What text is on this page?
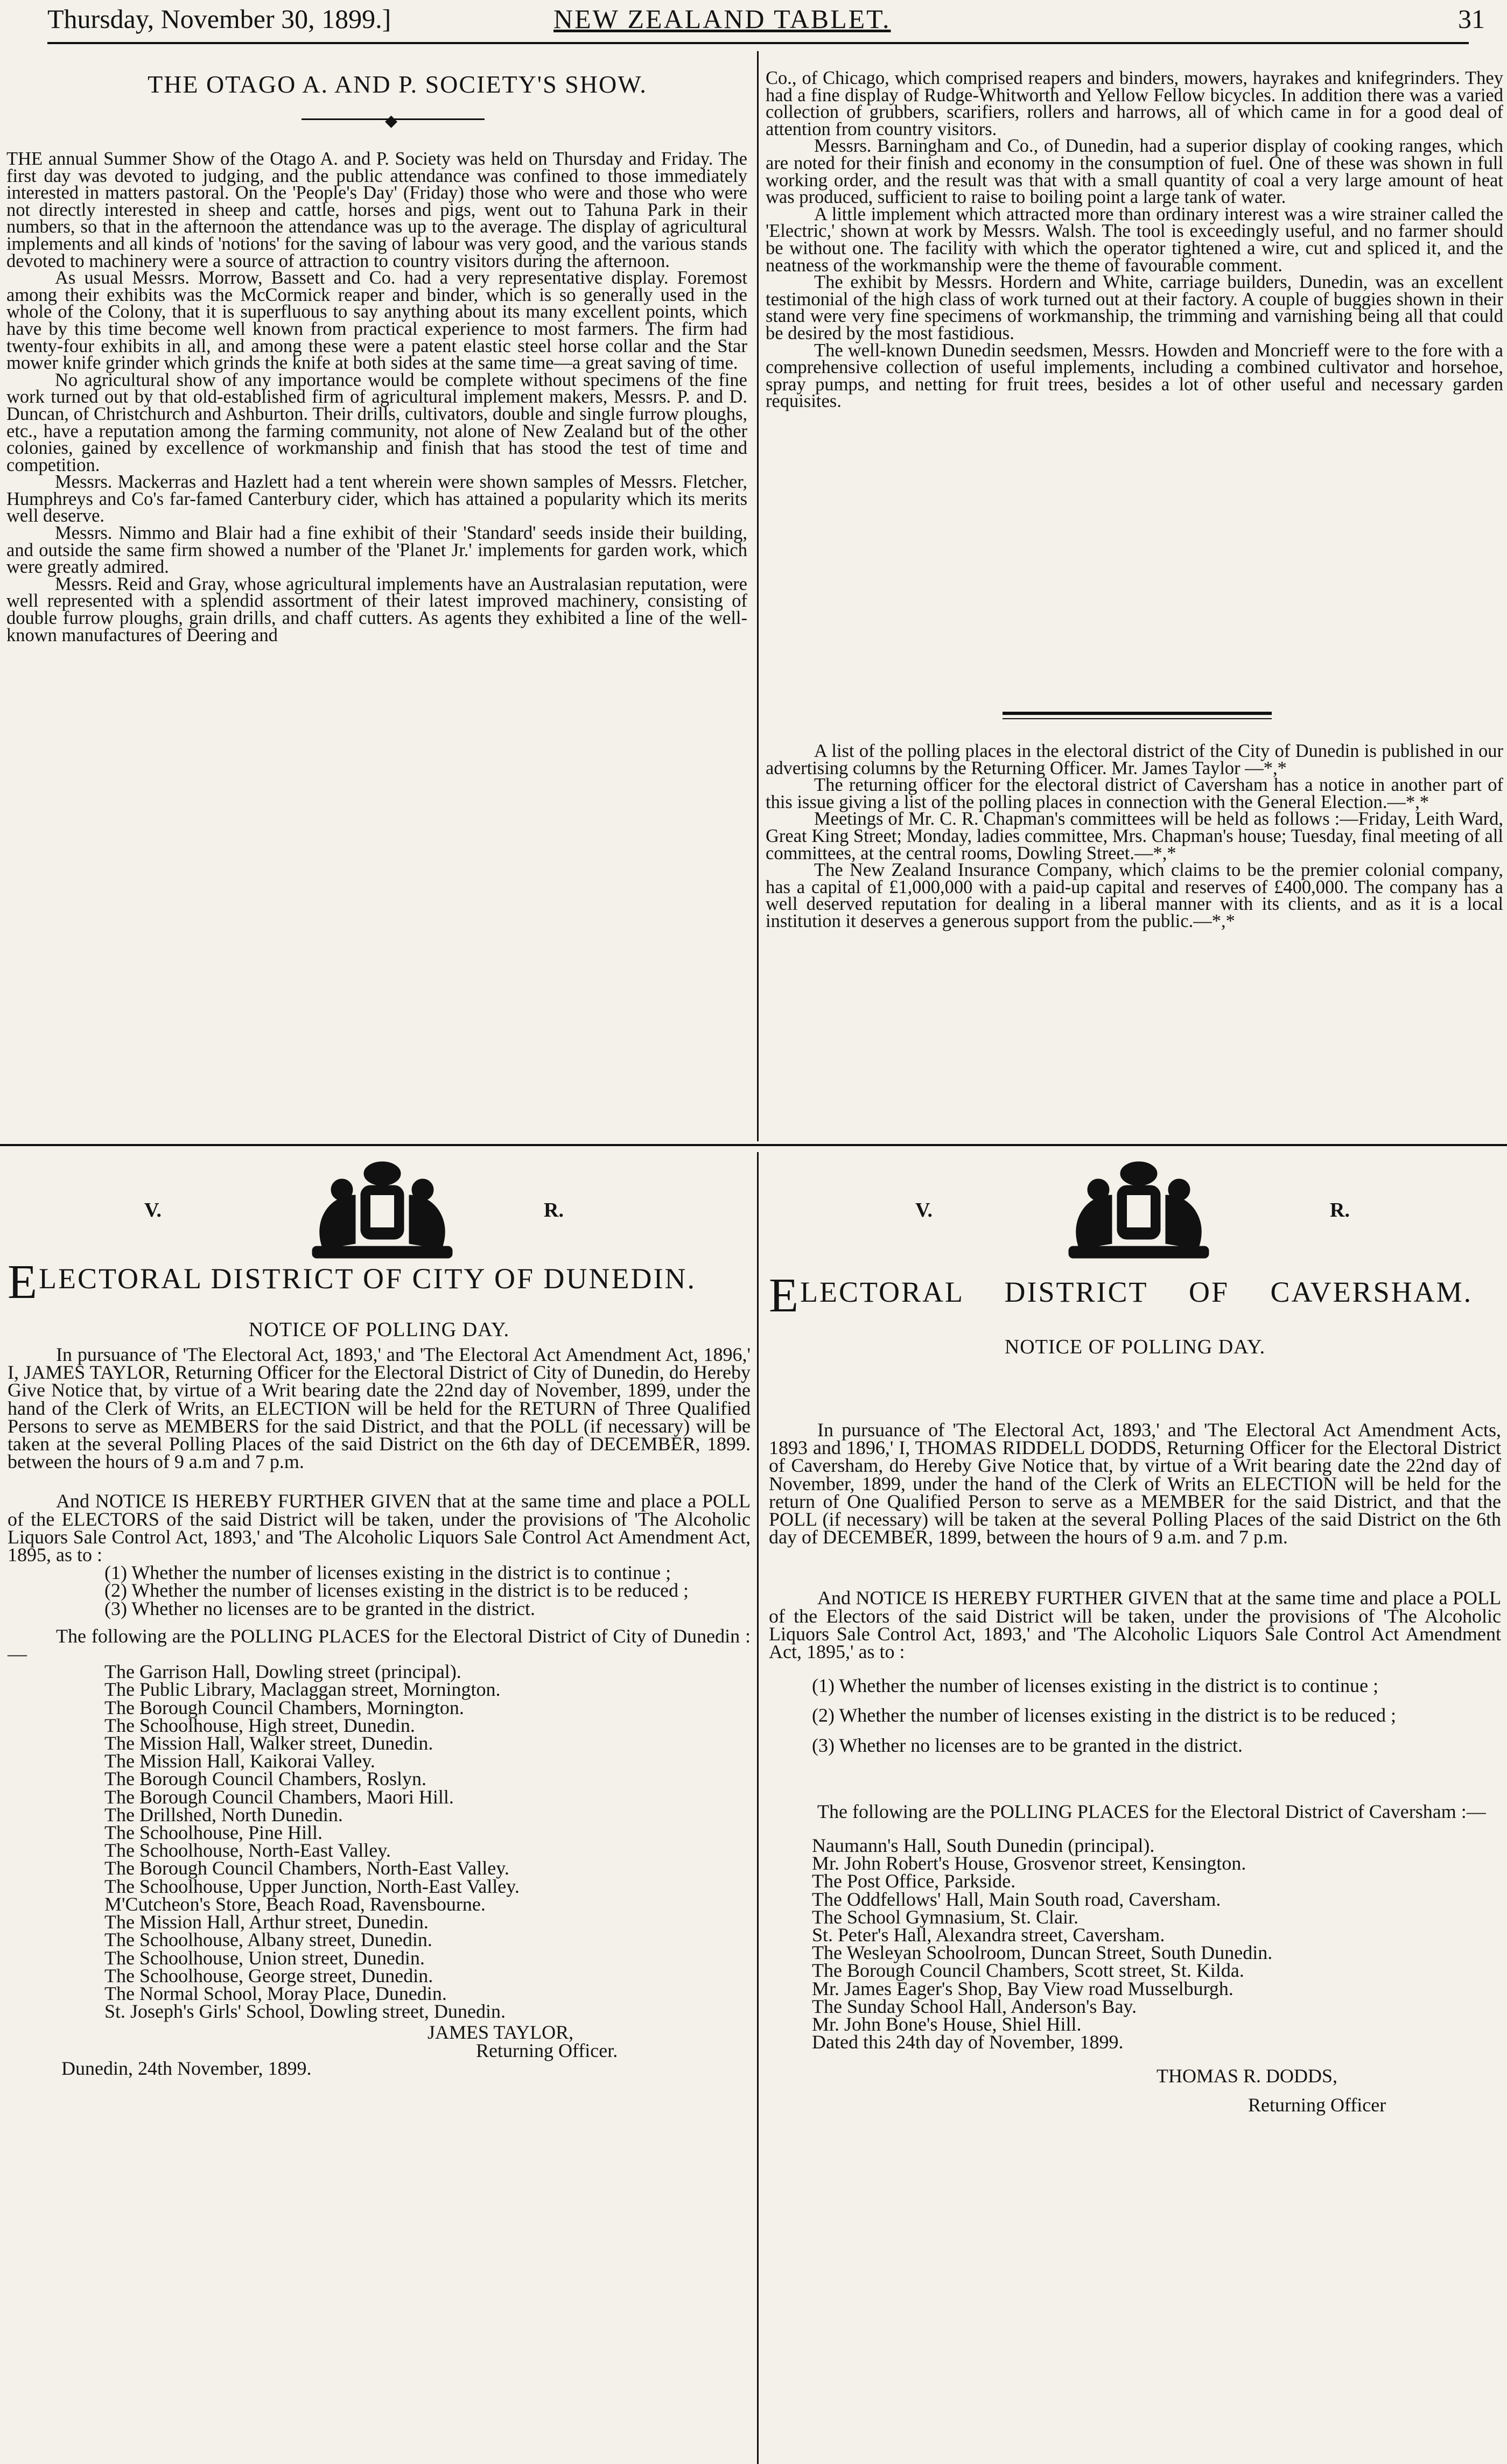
Thursday, November 30, 1899.]	NEW ZEALAND TABLET.	31
THE OTAGO A. AND P. SOCIETY'S SHOW.
◆

THE annual Summer Show of the Otago A. and P. Society was held on Thursday and Friday. The first day was devoted to judging, and the public attendance was confined to those immediately interested in matters pastoral. On the 'People's Day' (Friday) those who were and those who were not directly interested in sheep and cattle, horses and pigs, went out to Tahuna Park in their numbers, so that in the afternoon the attendance was up to the average. The display of agricultural implements and all kinds of 'notions' for the saving of labour was very good, and the various stands devoted to machinery were a source of attraction to country visitors during the afternoon.

As usual Messrs. Morrow, Bassett and Co. had a very representative display. Foremost among their exhibits was the McCormick reaper and binder, which is so generally used in the whole of the Colony, that it is superfluous to say anything about its many excellent points, which have by this time become well known from practical experience to most farmers. The firm had twenty-four exhibits in all, and among these were a patent elastic steel horse collar and the Star mower knife grinder which grinds the knife at both sides at the same time—a great saving of time.

No agricultural show of any importance would be complete without specimens of the fine work turned out by that old-established firm of agricultural implement makers, Messrs. P. and D. Duncan, of Christchurch and Ashburton. Their drills, cultivators, double and single furrow ploughs, etc., have a reputation among the farming community, not alone of New Zealand but of the other colonies, gained by excellence of workmanship and finish that has stood the test of time and competition.

Messrs. Mackerras and Hazlett had a tent wherein were shown samples of Messrs. Fletcher, Humphreys and Co's far-famed Canterbury cider, which has attained a popularity which its merits well deserve.

Messrs. Nimmo and Blair had a fine exhibit of their 'Standard' seeds inside their building, and outside the same firm showed a number of the 'Planet Jr.' implements for garden work, which were greatly admired.

Messrs. Reid and Gray, whose agricultural implements have an Australasian reputation, were well represented with a splendid assortment of their latest improved machinery, consisting of double furrow ploughs, grain drills, and chaff cutters. As agents they exhibited a line of the well-known manufactures of Deering and

Co., of Chicago, which comprised reapers and binders, mowers, hayrakes and knifegrinders. They had a fine display of Rudge-Whitworth and Yellow Fellow bicycles. In addition there was a varied collection of grubbers, scarifiers, rollers and harrows, all of which came in for a good deal of attention from country visitors.

Messrs. Barningham and Co., of Dunedin, had a superior display of cooking ranges, which are noted for their finish and economy in the consumption of fuel. One of these was shown in full working order, and the result was that with a small quantity of coal a very large amount of heat was produced, sufficient to raise to boiling point a large tank of water.

A little implement which attracted more than ordinary interest was a wire strainer called the 'Electric,' shown at work by Messrs. Walsh. The tool is exceedingly useful, and no farmer should be without one. The facility with which the operator tightened a wire, cut and spliced it, and the neatness of the workmanship were the theme of favourable comment.

The exhibit by Messrs. Hordern and White, carriage builders, Dunedin, was an excellent testimonial of the high class of work turned out at their factory. A couple of buggies shown in their stand were very fine specimens of workmanship, the trimming and varnishing being all that could be desired by the most fastidious.

The well-known Dunedin seedsmen, Messrs. Howden and Moncrieff were to the fore with a comprehensive collection of useful implements, including a combined cultivator and horsehoe, spray pumps, and netting for fruit trees, besides a lot of other useful and necessary garden requisites.

A list of the polling places in the electoral district of the City of Dunedin is published in our advertising columns by the Returning Officer. Mr. James Taylor —*,*

The returning officer for the electoral district of Caversham has a notice in another part of this issue giving a list of the polling places in connection with the General Election.—*,*

Meetings of Mr. C. R. Chapman's committees will be held as follows :—Friday, Leith Ward, Great King Street; Monday, ladies committee, Mrs. Chapman's house; Tuesday, final meeting of all committees, at the central rooms, Dowling Street.—*,*

The New Zealand Insurance Company, which claims to be the premier colonial company, has a capital of £1,000,000 with a paid-up capital and reserves of £400,000. The company has a well deserved reputation for dealing in a liberal manner with its clients, and as it is a local institution it deserves a generous support from the public.—*,*

V.	R.
ELECTORAL DISTRICT OF CITY OF DUNEDIN.
NOTICE OF POLLING DAY.

In pursuance of 'The Electoral Act, 1893,' and 'The Electoral Act Amendment Act, 1896,' I, JAMES TAYLOR, Returning Officer for the Electoral District of City of Dunedin, do Hereby Give Notice that, by virtue of a Writ bearing date the 22nd day of November, 1899, under the hand of the Clerk of Writs, an ELECTION will be held for the RETURN of Three Qualified Persons to serve as MEMBERS for the said District, and that the POLL (if necessary) will be taken at the several Polling Places of the said District on the 6th day of DECEMBER, 1899. between the hours of 9 a.m and 7 p.m.

And NOTICE IS HEREBY FURTHER GIVEN that at the same time and place a POLL of the ELECTORS of the said District will be taken, under the provisions of 'The Alcoholic Liquors Sale Control Act, 1893,' and 'The Alcoholic Liquors Sale Control Act Amendment Act, 1895, as to :

(1) Whether the number of licenses existing in the district is to continue ;

(2) Whether the number of licenses existing in the district is to be reduced ;

(3) Whether no licenses are to be granted in the district.

The following are the POLLING PLACES for the Electoral District of City of Dunedin :—

The Garrison Hall, Dowling street (principal).
The Public Library, Maclaggan street, Mornington.
The Borough Council Chambers, Mornington.
The Schoolhouse, High street, Dunedin.
The Mission Hall, Walker street, Dunedin.
The Mission Hall, Kaikorai Valley.
The Borough Council Chambers, Roslyn.
The Borough Council Chambers, Maori Hill.
The Drillshed, North Dunedin.
The Schoolhouse, Pine Hill.
The Schoolhouse, North-East Valley.
The Borough Council Chambers, North-East Valley.
The Schoolhouse, Upper Junction, North-East Valley.
M'Cutcheon's Store, Beach Road, Ravensbourne.
The Mission Hall, Arthur street, Dunedin.
The Schoolhouse, Albany street, Dunedin.
The Schoolhouse, Union street, Dunedin.
The Schoolhouse, George street, Dunedin.
The Normal School, Moray Place, Dunedin.
St. Joseph's Girls' School, Dowling street, Dunedin.
JAMES TAYLOR,
Returning Officer.
Dunedin, 24th November, 1899.
V.	R.
ELECTORAL DISTRICT OF CAVERSHAM.
NOTICE OF POLLING DAY.

In pursuance of 'The Electoral Act, 1893,' and 'The Electoral Act Amendment Acts, 1893 and 1896,' I, THOMAS RIDDELL DODDS, Returning Officer for the Electoral District of Caversham, do Hereby Give Notice that, by virtue of a Writ bearing date the 22nd day of November, 1899, under the hand of the Clerk of Writs an ELECTION will be held for the return of One Qualified Person to serve as a MEMBER for the said District, and that the POLL (if necessary) will be taken at the several Polling Places of the said District on the 6th day of DECEMBER, 1899, between the hours of 9 a.m. and 7 p.m.

And NOTICE IS HEREBY FURTHER GIVEN that at the same time and place a POLL of the Electors of the said District will be taken, under the provisions of 'The Alcoholic Liquors Sale Control Act, 1893,' and 'The Alcoholic Liquors Sale Control Act Amendment Act, 1895,' as to :

(1) Whether the number of licenses existing in the district is to continue ;

(2) Whether the number of licenses existing in the district is to be reduced ;

(3) Whether no licenses are to be granted in the district.

The following are the POLLING PLACES for the Electoral District of Caversham :—

Naumann's Hall, South Dunedin (principal).
Mr. John Robert's House, Grosvenor street, Kensington.
The Post Office, Parkside.
The Oddfellows' Hall, Main South road, Caversham.
The School Gymnasium, St. Clair.
St. Peter's Hall, Alexandra street, Caversham.
The Wesleyan Schoolroom, Duncan Street, South Dunedin.
The Borough Council Chambers, Scott street, St. Kilda.
Mr. James Eager's Shop, Bay View road Musselburgh.
The Sunday School Hall, Anderson's Bay.
Mr. John Bone's House, Shiel Hill.
Dated this 24th day of November, 1899.
THOMAS R. DODDS,
Returning Officer
